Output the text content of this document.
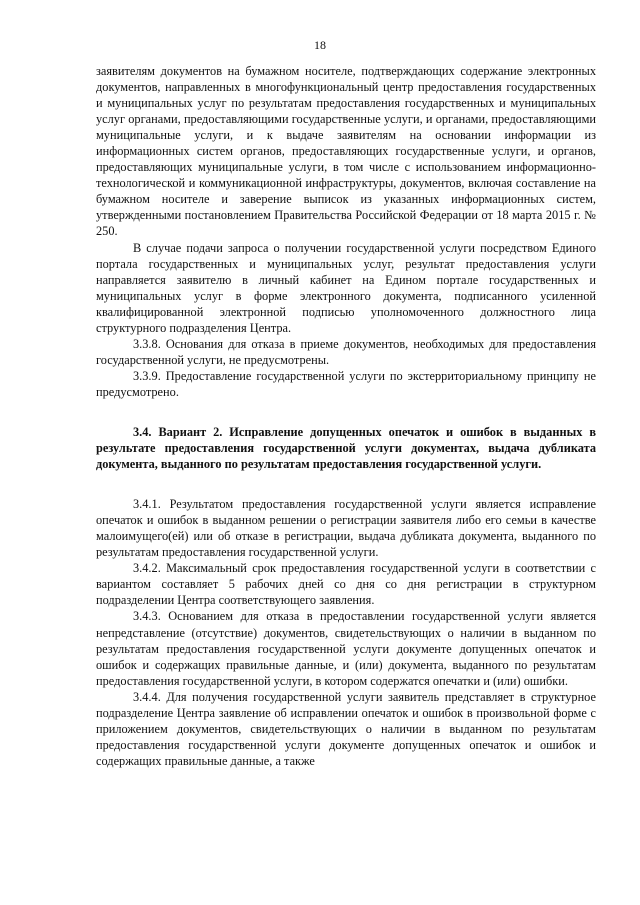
18

заявителям документов на бумажном носителе, подтверждающих содержание электронных документов, направленных в многофункциональный центр предоставления государственных и муниципальных услуг по результатам предоставления государственных и муниципальных услуг органами, предоставляющими государственные услуги, и органами, предоставляющими муниципальные услуги, и к выдаче заявителям на основании информации из информационных систем органов, предоставляющих государственные услуги, и органов, предоставляющих муниципальные услуги, в том числе с использованием информационно-технологической и коммуникационной инфраструктуры, документов, включая составление на бумажном носителе и заверение выписок из указанных информационных систем, утвержденными постановлением Правительства Российской Федерации от 18 марта 2015 г. № 250.

В случае подачи запроса о получении государственной услуги посредством Единого портала государственных и муниципальных услуг, результат предоставления услуги направляется заявителю в личный кабинет на Едином портале государственных и муниципальных услуг в форме электронного документа, подписанного усиленной квалифицированной электронной подписью уполномоченного должностного лица структурного подразделения Центра.

3.3.8. Основания для отказа в приеме документов, необходимых для предоставления государственной услуги, не предусмотрены.

3.3.9. Предоставление государственной услуги по экстерриториальному принципу не предусмотрено.

3.4. Вариант 2. Исправление допущенных опечаток и ошибок в выданных в результате предоставления государственной услуги документах, выдача дубликата документа, выданного по результатам предоставления государственной услуги.

3.4.1. Результатом предоставления государственной услуги является исправление опечаток и ошибок в выданном решении о регистрации заявителя либо его семьи в качестве малоимущего(ей) или об отказе в регистрации, выдача дубликата документа, выданного по результатам предоставления государственной услуги.

3.4.2. Максимальный срок предоставления государственной услуги в соответствии с вариантом составляет 5 рабочих дней со дня со дня регистрации в структурном подразделении Центра соответствующего заявления.

3.4.3. Основанием для отказа в предоставлении государственной услуги является непредставление (отсутствие) документов, свидетельствующих о наличии в выданном по результатам предоставления государственной услуги документе допущенных опечаток и ошибок и содержащих правильные данные, и (или) документа, выданного по результатам предоставления государственной услуги, в котором содержатся опечатки и (или) ошибки.

3.4.4. Для получения государственной услуги заявитель представляет в структурное подразделение Центра заявление об исправлении опечаток и ошибок в произвольной форме с приложением документов, свидетельствующих о наличии в выданном по результатам предоставления государственной услуги документе допущенных опечаток и ошибок и содержащих правильные данные, а также
